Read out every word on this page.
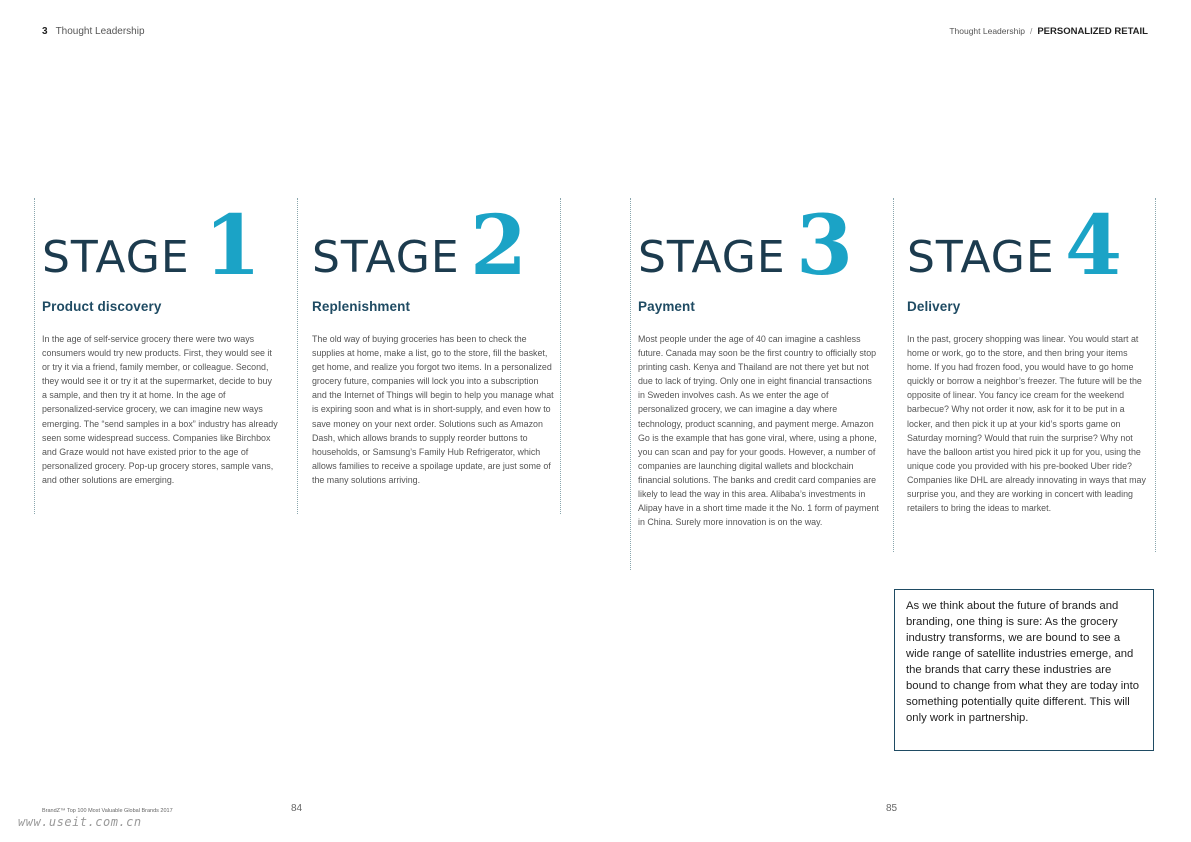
3 Thought Leadership	Thought Leadership / PERSONALIZED RETAIL
STAGE 1
Product discovery
In the age of self-service grocery there were two ways consumers would try new products. First, they would see it or try it via a friend, family member, or colleague. Second, they would see it or try it at the supermarket, decide to buy a sample, and then try it at home. In the age of personalized-service grocery, we can imagine new ways emerging. The “send samples in a box” industry has already seen some widespread success. Companies like Birchbox and Graze would not have existed prior to the age of personalized grocery. Pop-up grocery stores, sample vans, and other solutions are emerging.
STAGE 2
Replenishment
The old way of buying groceries has been to check the supplies at home, make a list, go to the store, fill the basket, get home, and realize you forgot two items. In a personalized grocery future, companies will lock you into a subscription and the Internet of Things will begin to help you manage what is expiring soon and what is in short-supply, and even how to save money on your next order. Solutions such as Amazon Dash, which allows brands to supply reorder buttons to households, or Samsung’s Family Hub Refrigerator, which allows families to receive a spoilage update, are just some of the many solutions arriving.
STAGE 3
Payment
Most people under the age of 40 can imagine a cashless future. Canada may soon be the first country to officially stop printing cash. Kenya and Thailand are not there yet but not due to lack of trying. Only one in eight financial transactions in Sweden involves cash. As we enter the age of personalized grocery, we can imagine a day where technology, product scanning, and payment merge. Amazon Go is the example that has gone viral, where, using a phone, you can scan and pay for your goods. However, a number of companies are launching digital wallets and blockchain financial solutions. The banks and credit card companies are likely to lead the way in this area. Alibaba’s investments in Alipay have in a short time made it the No. 1 form of payment in China. Surely more innovation is on the way.
STAGE 4
Delivery
In the past, grocery shopping was linear. You would start at home or work, go to the store, and then bring your items home. If you had frozen food, you would have to go home quickly or borrow a neighbor’s freezer. The future will be the opposite of linear. You fancy ice cream for the weekend barbecue? Why not order it now, ask for it to be put in a locker, and then pick it up at your kid’s sports game on Saturday morning? Would that ruin the surprise? Why not have the balloon artist you hired pick it up for you, using the unique code you provided with his pre-booked Uber ride? Companies like DHL are already innovating in ways that may surprise you, and they are working in concert with leading retailers to bring the ideas to market.
As we think about the future of brands and branding, one thing is sure: As the grocery industry transforms, we are bound to see a wide range of satellite industries emerge, and the brands that carry these industries are bound to change from what they are today into something potentially quite different. This will only work in partnership.
BrandZ™ Top 100 Most Valuable Global Brands 2017	84	85
www.useit.com.cn
